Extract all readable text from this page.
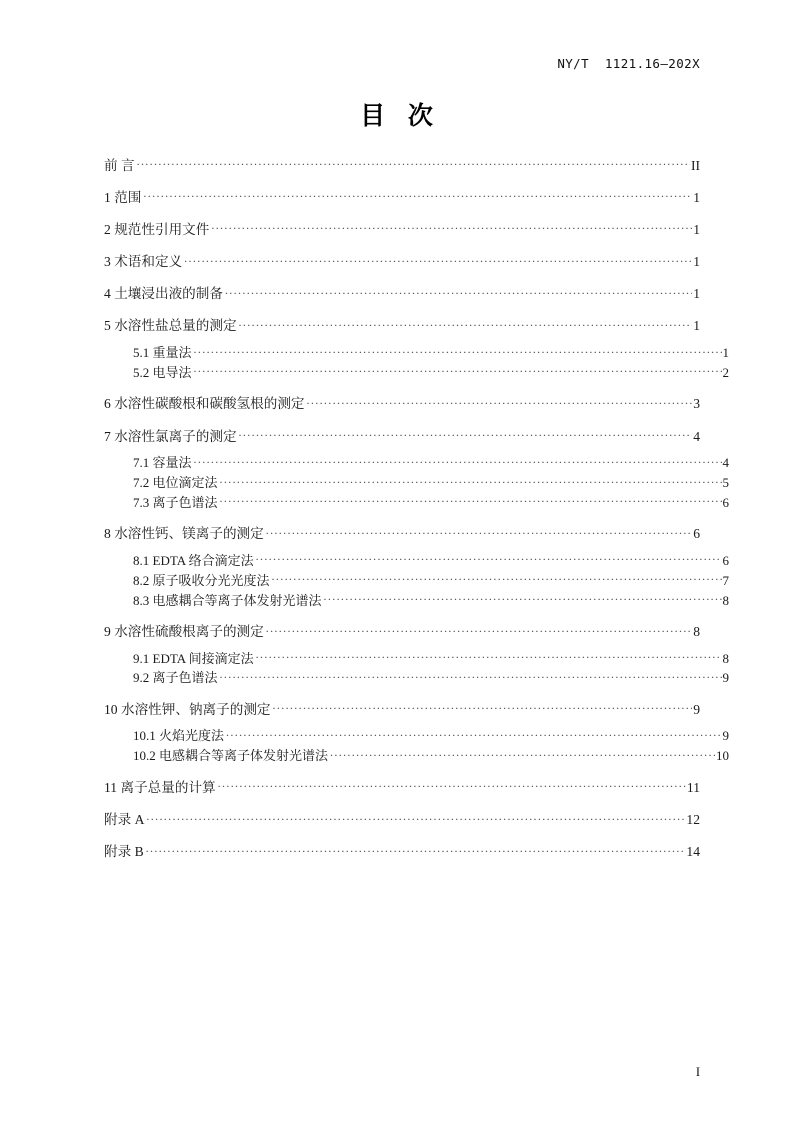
NY/T  1121.16—202X
目 次
前 言 .....	II
1 范围 .....	1
2 规范性引用文件 .....	1
3 术语和定义 .....	1
4 土壤浸出液的制备 .....	1
5 水溶性盐总量的测定 .....	1
5.1 重量法 .....	1
5.2 电导法 .....	2
6 水溶性碳酸根和碳酸氢根的测定 .....	3
7 水溶性氯离子的测定 .....	4
7.1 容量法 .....	4
7.2 电位滴定法 .....	5
7.3 离子色谱法 .....	6
8 水溶性钙、镁离子的测定 .....	6
8.1 EDTA 络合滴定法 .....	6
8.2 原子吸收分光光度法 .....	7
8.3 电感耦合等离子体发射光谱法 .....	8
9 水溶性硫酸根离子的测定 .....	8
9.1 EDTA 间接滴定法 .....	8
9.2 离子色谱法 .....	9
10 水溶性钾、钠离子的测定 .....	9
10.1 火焰光度法 .....	9
10.2 电感耦合等离子体发射光谱法 .....	10
11 离子总量的计算 .....	11
附录 A .....	12
附录 B .....	14
I
